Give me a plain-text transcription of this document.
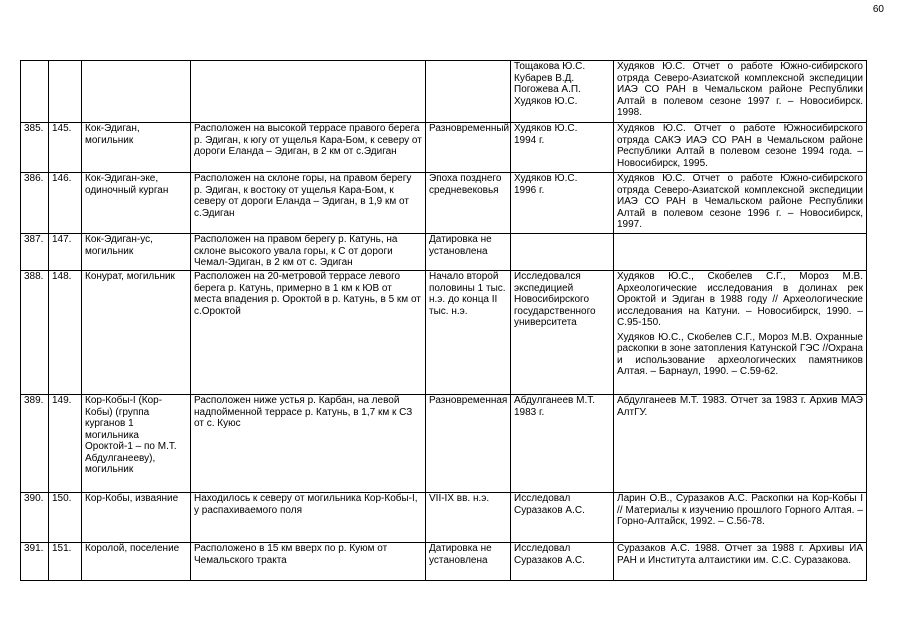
60

					Тощакова Ю.С.
Кубарев В.Д.
Погожева А.П.
Худяков Ю.С.	Худяков Ю.С. Отчет о работе Южно-сибирского отряда Северо-Азиатской комплексной экспедиции ИАЭ СО РАН в Чемальском районе Республики Алтай в полевом сезоне 1997 г. – Новосибирск. 1998.

385.	145.	Кок-Эдиган, могильник	Расположен на высокой террасе правого берега р. Эдиган, к югу от ущелья Кара-Бом, к северу от дороги Еланда – Эдиган, в 2 км от с.Эдиган	Разновременный	Худяков Ю.С.
1994 г.	Худяков Ю.С. Отчет о работе Южносибирского отряда САКЭ ИАЭ СО РАН в Чемальском районе Республики Алтай в полевом сезоне 1994 года. –Новосибирск, 1995.

386.	146.	Кок-Эдиган-эке, одиночный курган	Расположен на склоне горы, на правом берегу р. Эдиган, к востоку от ущелья Кара-Бом, к северу от дороги Еланда – Эдиган, в 1,9 км от с.Эдиган	Эпоха позднего средневековья	Худяков Ю.С.
1996 г.	Худяков Ю.С. Отчет о работе Южно-сибирского отряда Северо-Азиатской комплексной экспедиции ИАЭ СО РАН в Чемальском районе Республики Алтай в полевом сезоне 1996 г. – Новосибирск, 1997.

387.	147.	Кок-Эдиган-ус, могильник	Расположен на правом берегу р. Катунь, на склоне высокого увала горы, к С от дороги Чемал-Эдиган, в 2 км от с. Эдиган	Датировка не установлена		
388.	148.	Конурат, могильник	Расположен на 20-метровой террасе левого берега р. Катунь, примерно в 1 км к ЮВ от места впадения р. Ороктой в р. Катунь, в 5 км от с.Ороктой	Начало второй половины 1 тыс. н.э. до конца II тыс. н.э.	Исследовался экспедицией Новосибирского государственного университета	Худяков Ю.С., Скобелев С.Г., Мороз М.В. Археологические исследования в долинах рек Ороктой и Эдиган в 1988 году // Археологические исследования на Катуни. – Новосибирск, 1990. – С.95-150.
Худяков Ю.С., Скобелев С.Г., Мороз М.В. Охранные раскопки в зоне затопления Катунской ГЭС //Охрана и использование археологических памятников Алтая. – Барнаул, 1990. – С.59-62.

389.	149.	Кор-Кобы-I (Кор-Кобы) (группа курганов 1 могильника Ороктой-1 – по М.Т. Абдулганееву), могильник	Расположен ниже устья р. Карбан, на левой надпойменной террасе р. Катунь, в 1,7 км к СЗ от с. Куюс	Разновременная	Абдулганеев М.Т.
1983 г.	Абдулганеев М.Т. 1983. Отчет за 1983 г. Архив МАЭ АлтГУ.

390.	150.	Кор-Кобы, изваяние	Находилось к северу от могильника Кор-Кобы-I, у распахиваемого поля	VII-IX вв. н.э.	Исследовал Суразаков А.С.	Ларин О.В., Суразаков А.С. Раскопки на Кор-Кобы I // Материалы к изучению прошлого Горного Алтая. – Горно-Алтайск, 1992. – С.56-78.

391.	151.	Королой, поселение	Расположено в 15 км вверх по р. Куюм от Чемальского тракта	Датировка не установлена	Исследовал Суразаков А.С.	Суразаков А.С. 1988. Отчет за 1988 г. Архивы ИА РАН и Института алтаистики им. С.С. Суразакова.
